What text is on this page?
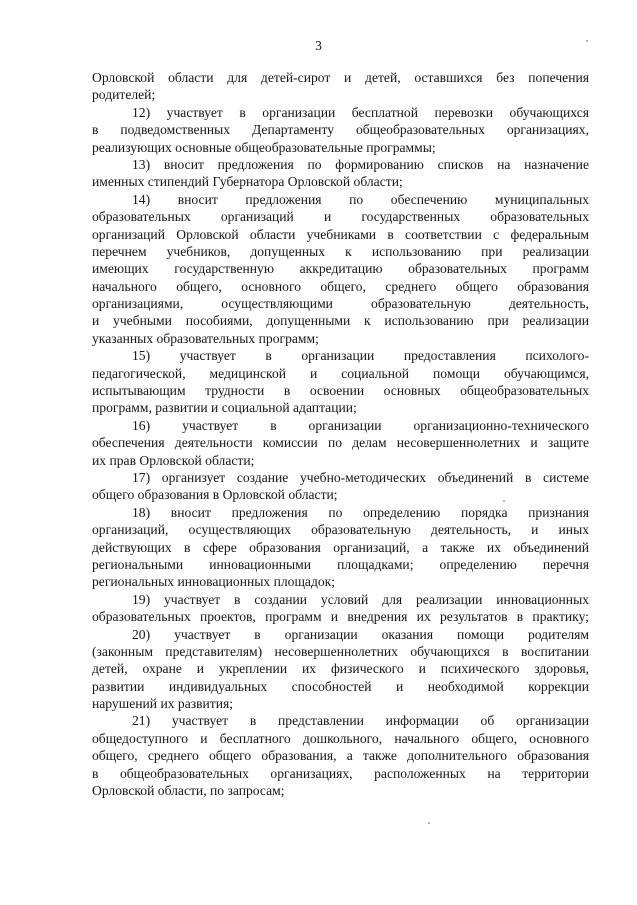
3
Орловской области для детей-сирот и детей, оставшихся без попечения
родителей;
12) участвует в организации бесплатной перевозки обучающихся
в подведомственных Департаменту общеобразовательных организациях,
реализующих основные общеобразовательные программы;
13) вносит предложения по формированию списков на назначение
именных стипендий Губернатора Орловской области;
14) вносит предложения по обеспечению муниципальных
образовательных организаций и государственных образовательных
организаций Орловской области учебниками в соответствии с федеральным
перечнем учебников, допущенных к использованию при реализации
имеющих государственную аккредитацию образовательных программ
начального общего, основного общего, среднего общего образования
организациями, осуществляющими образовательную деятельность,
и учебными пособиями, допущенными к использованию при реализации
указанных образовательных программ;
15) участвует в организации предоставления психолого-
педагогической, медицинской и социальной помощи обучающимся,
испытывающим трудности в освоении основных общеобразовательных
программ, развитии и социальной адаптации;
16) участвует в организации организационно-технического
обеспечения деятельности комиссии по делам несовершеннолетних и защите
их прав Орловской области;
17) организует создание учебно-методических объединений в системе
общего образования в Орловской области;
18) вносит предложения по определению порядка признания
организаций, осуществляющих образовательную деятельность, и иных
действующих в сфере образования организаций, а также их объединений
региональными инновационными площадками; определению перечня
региональных инновационных площадок;
19) участвует в создании условий для реализации инновационных
образовательных проектов, программ и внедрения их результатов в практику;
20) участвует в организации оказания помощи родителям
(законным представителям) несовершеннолетних обучающихся в воспитании
детей, охране и укреплении их физического и психического здоровья,
развитии индивидуальных способностей и необходимой коррекции
нарушений их развития;
21) участвует в представлении информации об организации
общедоступного и бесплатного дошкольного, начального общего, основного
общего, среднего общего образования, а также дополнительного образования
в общеобразовательных организациях, расположенных на территории
Орловской области, по запросам;
